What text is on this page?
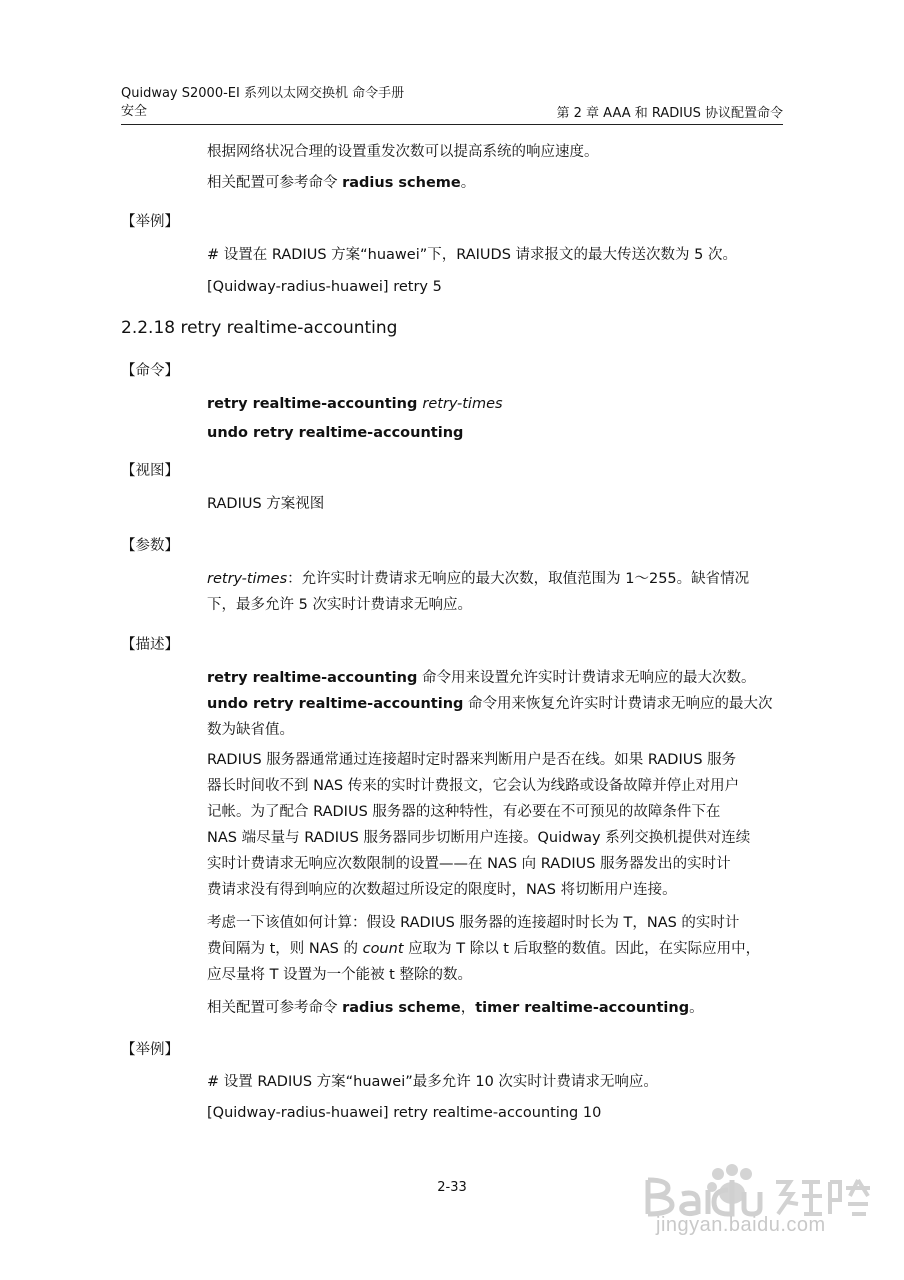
Quidway S2000-EI 系列以太网交换机 命令手册
安全	第 2 章 AAA 和 RADIUS 协议配置命令
根据网络状况合理的设置重发次数可以提高系统的响应速度。
相关配置可参考命令 radius scheme。
【举例】
# 设置在 RADIUS 方案“huawei”下，RAIUDS 请求报文的最大传送次数为 5 次。
[Quidway-radius-huawei] retry 5
2.2.18 retry realtime-accounting
【命令】
retry realtime-accounting retry-times
undo retry realtime-accounting
【视图】
RADIUS 方案视图
【参数】
retry-times：允许实时计费请求无响应的最大次数，取值范围为 1～255。缺省情况
下，最多允许 5 次实时计费请求无响应。
【描述】
retry realtime-accounting 命令用来设置允许实时计费请求无响应的最大次数。
undo retry realtime-accounting 命令用来恢复允许实时计费请求无响应的最大次
数为缺省值。
RADIUS 服务器通常通过连接超时定时器来判断用户是否在线。如果 RADIUS 服务
器长时间收不到 NAS 传来的实时计费报文，它会认为线路或设备故障并停止对用户
记帐。为了配合 RADIUS 服务器的这种特性，有必要在不可预见的故障条件下在
NAS 端尽量与 RADIUS 服务器同步切断用户连接。Quidway 系列交换机提供对连续
实时计费请求无响应次数限制的设置——在 NAS 向 RADIUS 服务器发出的实时计
费请求没有得到响应的次数超过所设定的限度时，NAS 将切断用户连接。
考虑一下该值如何计算：假设 RADIUS 服务器的连接超时时长为 T，NAS 的实时计
费间隔为 t，则 NAS 的 count 应取为 T 除以 t 后取整的数值。因此，在实际应用中，
应尽量将 T 设置为一个能被 t 整除的数。
相关配置可参考命令 radius scheme，timer realtime-accounting。
【举例】
# 设置 RADIUS 方案“huawei”最多允许 10 次实时计费请求无响应。
[Quidway-radius-huawei] retry realtime-accounting 10
2-33
jingyan.baidu.com
